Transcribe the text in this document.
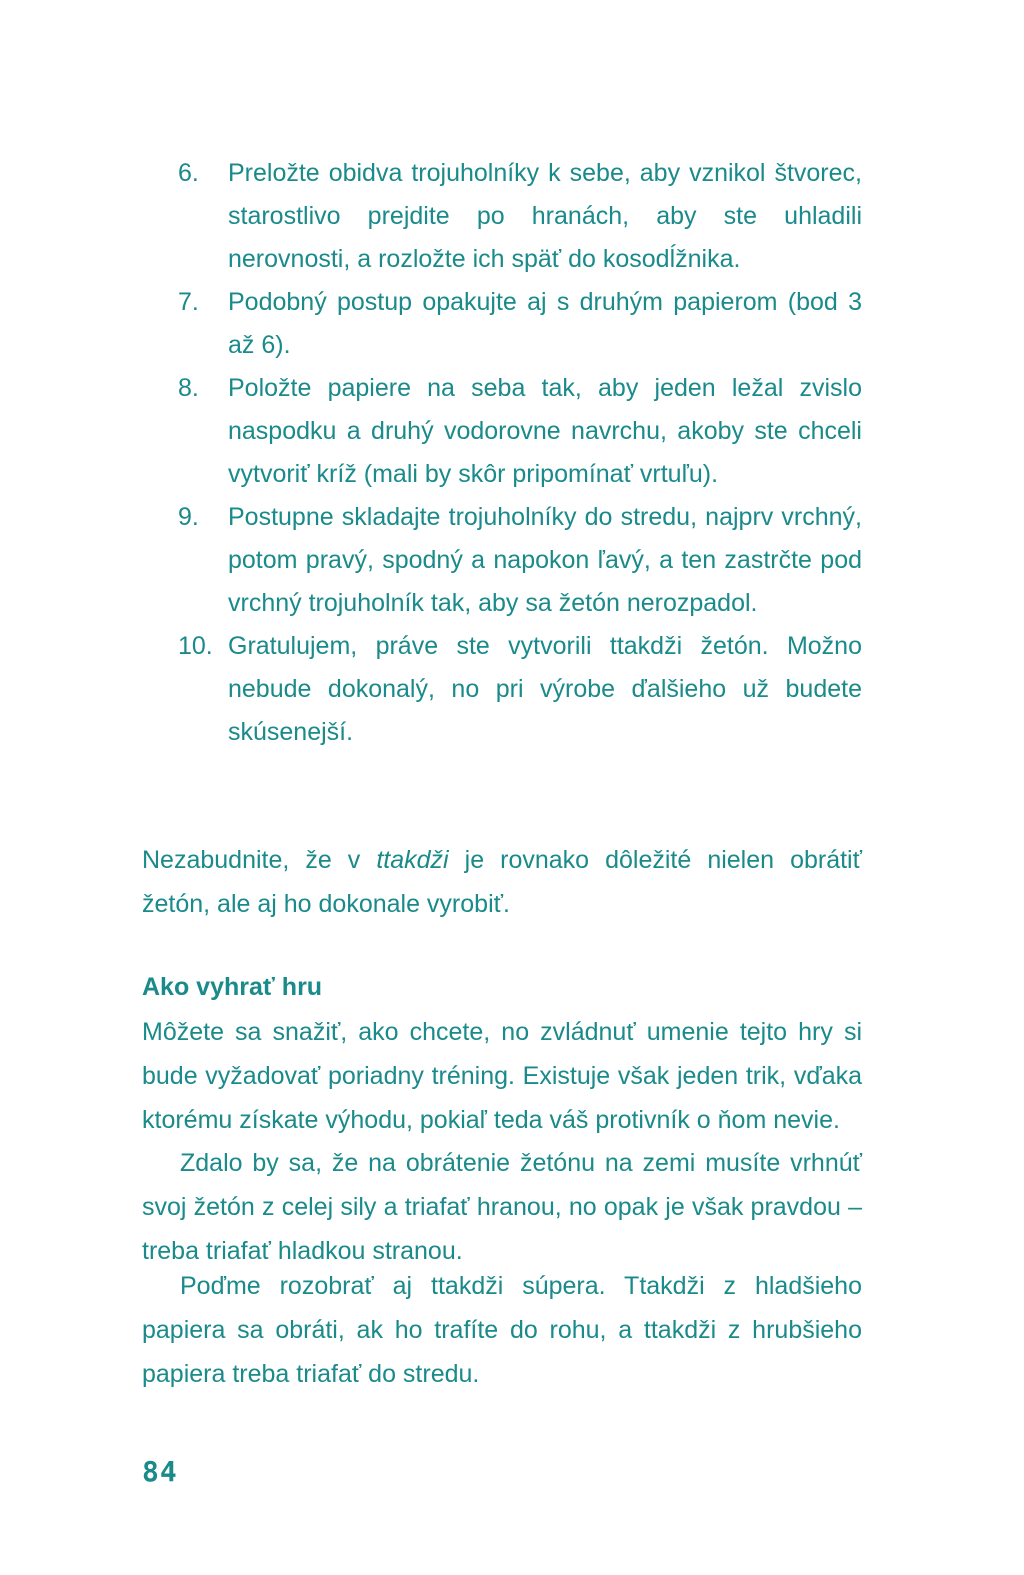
6.	Preložte obidva trojuholníky k sebe, aby vznikol štvorec, starostlivo prejdite po hranách, aby ste uhladili nerovnosti, a rozložte ich späť do kosodĺžnika.
7.	Podobný postup opakujte aj s druhým papierom (bod 3 až 6).
8.	Položte papiere na seba tak, aby jeden ležal zvislo naspodku a druhý vodorovne navrchu, akoby ste chceli vytvoriť kríž (mali by skôr pripomínať vrtuľu).
9.	Postupne skladajte trojuholníky do stredu, najprv vrchný, potom pravý, spodný a napokon ľavý, a ten zastrčte pod vrchný trojuholník tak, aby sa žetón nerozpadol.
10. Gratulujem, práve ste vytvorili ttakdži žetón. Možno nebude dokonalý, no pri výrobe ďalšieho už budete skúsenejší.

Nezabudnite, že v ttakdži je rovnako dôležité nielen obrátiť žetón, ale aj ho dokonale vyrobiť.

Ako vyhrať hru

Môžete sa snažiť, ako chcete, no zvládnuť umenie tejto hry si bude vyžadovať poriadny tréning. Existuje však jeden trik, vďaka ktorému získate výhodu, pokiaľ teda váš protivník o ňom nevie.

Zdalo by sa, že na obrátenie žetónu na zemi musíte vrhnúť svoj žetón z celej sily a triafať hranou, no opak je však pravdou – treba triafať hladkou stranou.

Poďme rozobrať aj ttakdži súpera. Ttakdži z hladšieho papiera sa obráti, ak ho trafíte do rohu, a ttakdži z hrubšieho papiera treba triafať do stredu.

84
